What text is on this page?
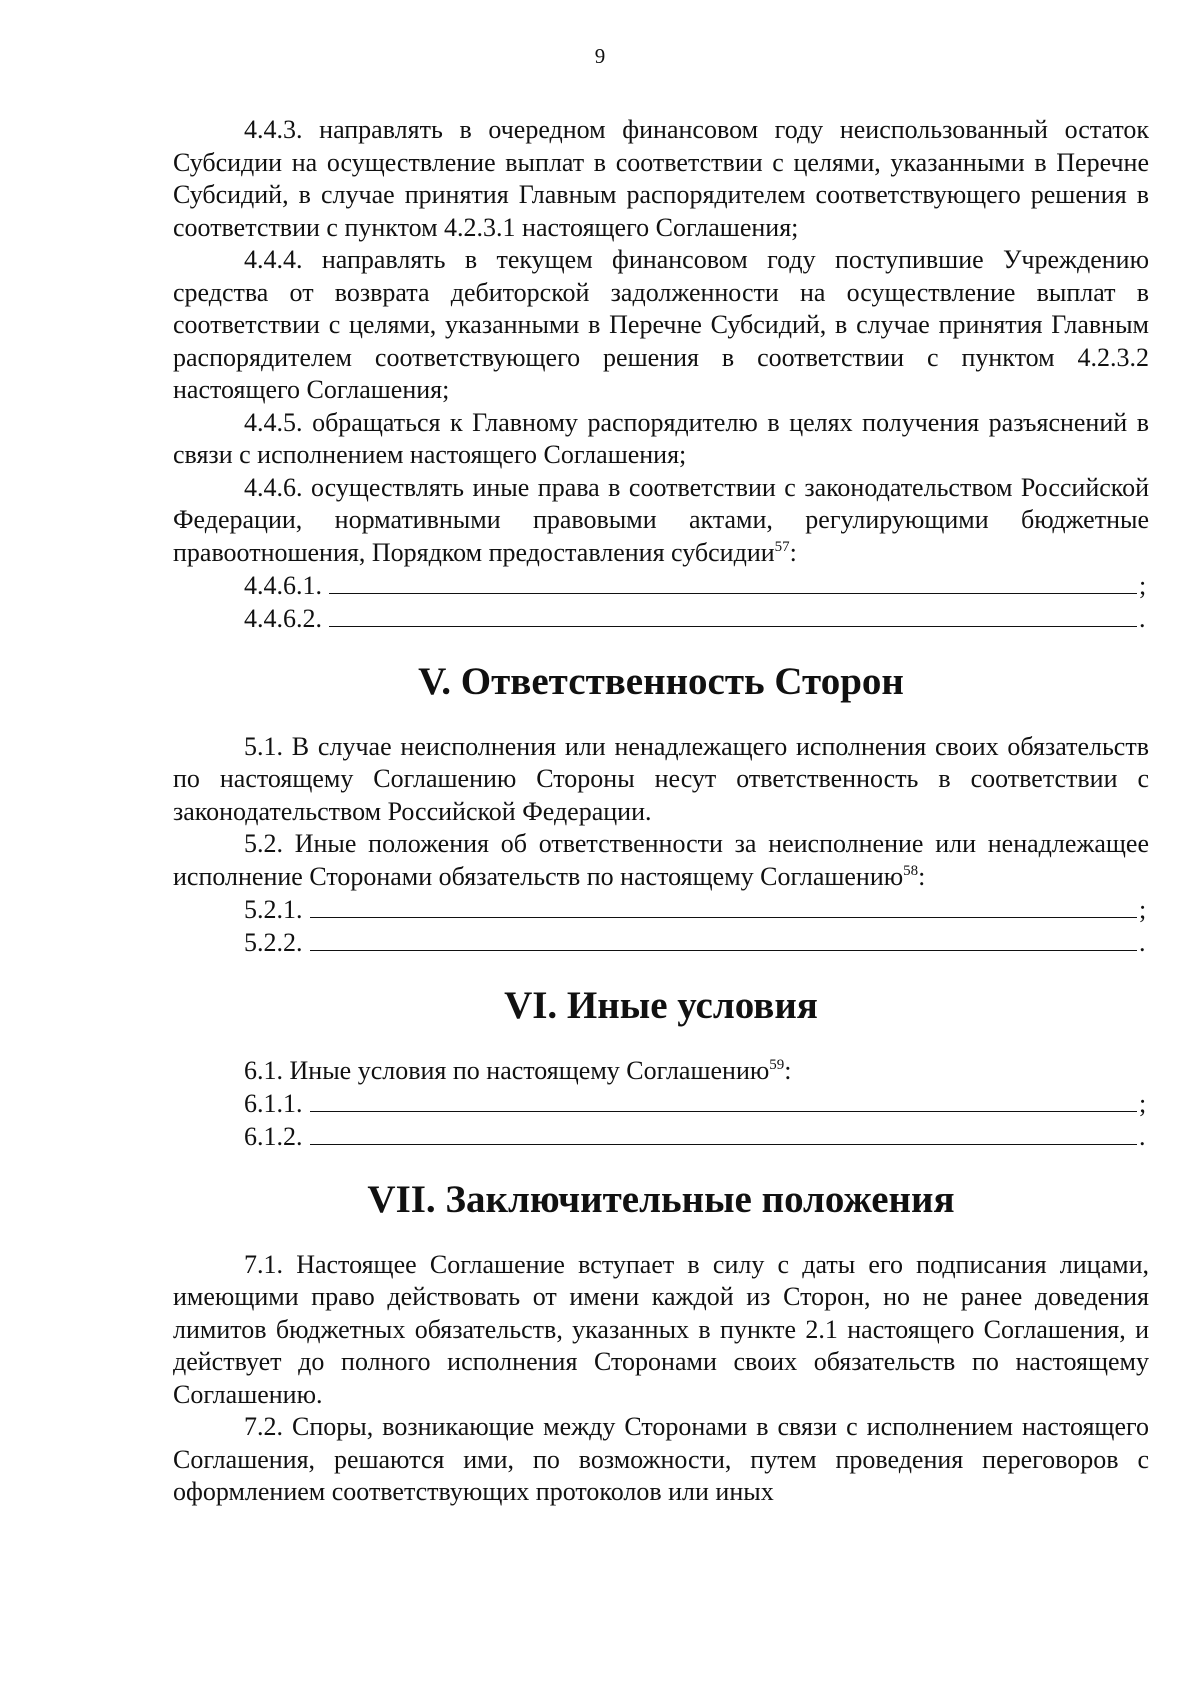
9

4.4.3. направлять в очередном финансовом году неиспользованный остаток Субсидии на осуществление выплат в соответствии с целями, указанными в Перечне Субсидий, в случае принятия Главным распорядителем соответствующего решения в соответствии с пунктом 4.2.3.1 настоящего Соглашения;

4.4.4. направлять в текущем финансовом году поступившие Учреждению средства от возврата дебиторской задолженности на осуществление выплат в соответствии с целями, указанными в Перечне Субсидий, в случае принятия Главным распорядителем соответствующего решения в соответствии с пунктом 4.2.3.2 настоящего Соглашения;

4.4.5. обращаться к Главному распорядителю в целях получения разъяснений в связи с исполнением настоящего Соглашения;

4.4.6. осуществлять иные права в соответствии с законодательством Российской Федерации, нормативными правовыми актами, регулирующими бюджетные правоотношения, Порядком предоставления субсидии$^{57}$:

4.4.6.1.	;
4.4.6.2.	.
V. Ответственность Сторон

5.1. В случае неисполнения или ненадлежащего исполнения своих обязательств по настоящему Соглашению Стороны несут ответственность в соответствии с законодательством Российской Федерации.

5.2. Иные положения об ответственности за неисполнение или ненадлежащее исполнение Сторонами обязательств по настоящему Соглашению$^{58}$:

5.2.1.	;
5.2.2.	.
VI. Иные условия

6.1. Иные условия по настоящему Соглашению$^{59}$:

6.1.1.	;
6.1.2.	.
VII. Заключительные положения

7.1. Настоящее Соглашение вступает в силу с даты его подписания лицами, имеющими право действовать от имени каждой из Сторон, но не ранее доведения лимитов бюджетных обязательств, указанных в пункте 2.1 настоящего Соглашения, и действует до полного исполнения Сторонами своих обязательств по настоящему Соглашению.

7.2. Споры, возникающие между Сторонами в связи с исполнением настоящего Соглашения, решаются ими, по возможности, путем проведения переговоров с оформлением соответствующих протоколов или иных
